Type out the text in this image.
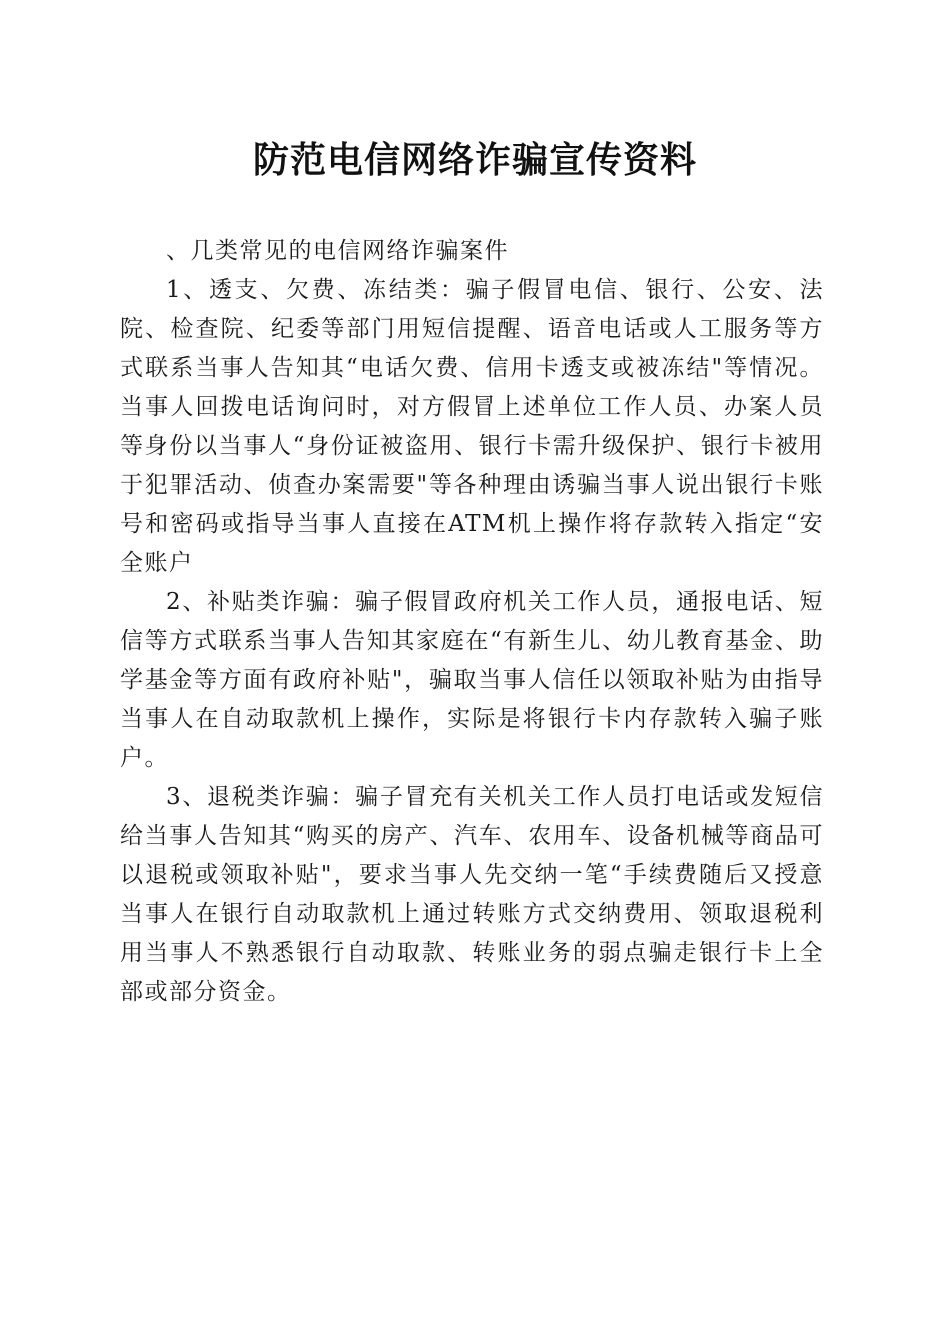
防范电信网络诈骗宣传资料

、几类常见的电信网络诈骗案件

1、透支、欠费、冻结类：骗子假冒电信、银行、公安、法院、检查院、纪委等部门用短信提醒、语音电话或人工服务等方式联系当事人告知其“电话欠费、信用卡透支或被冻结"等情况。当事人回拨电话询问时，对方假冒上述单位工作人员、办案人员等身份以当事人“身份证被盗用、银行卡需升级保护、银行卡被用于犯罪活动、侦查办案需要"等各种理由诱骗当事人说出银行卡账号和密码或指导当事人直接在ATM机上操作将存款转入指定“安全账户

2、补贴类诈骗：骗子假冒政府机关工作人员，通报电话、短信等方式联系当事人告知其家庭在“有新生儿、幼儿教育基金、助学基金等方面有政府补贴"，骗取当事人信任以领取补贴为由指导当事人在自动取款机上操作，实际是将银行卡内存款转入骗子账户。

3、退税类诈骗：骗子冒充有关机关工作人员打电话或发短信给当事人告知其“购买的房产、汽车、农用车、设备机械等商品可以退税或领取补贴"，要求当事人先交纳一笔“手续费随后又授意当事人在银行自动取款机上通过转账方式交纳费用、领取退税利用当事人不熟悉银行自动取款、转账业务的弱点骗走银行卡上全部或部分资金。
